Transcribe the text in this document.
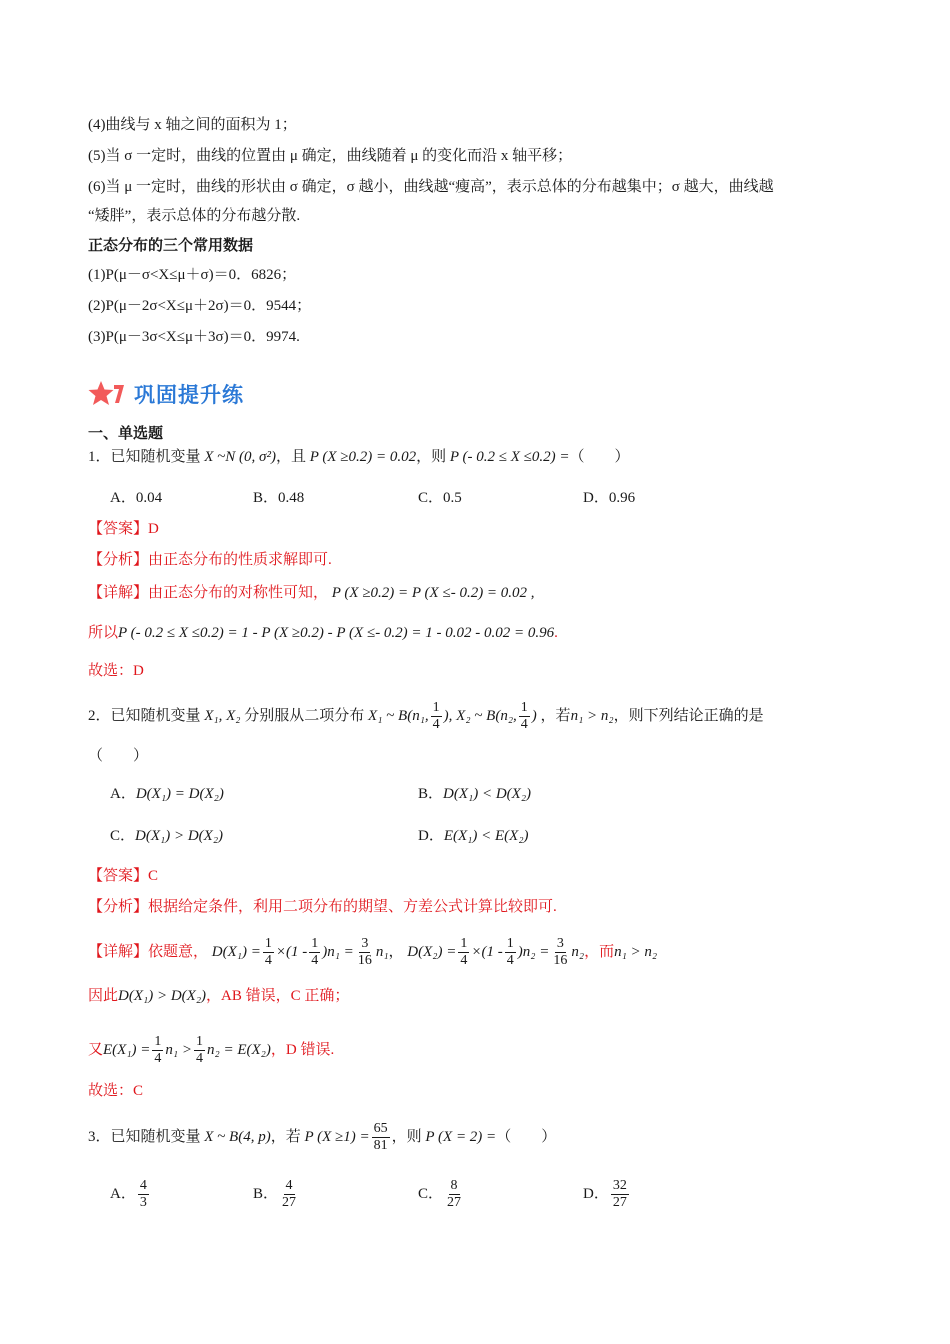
(4)曲线与 x 轴之间的面积为 1；
(5)当 σ 一定时，曲线的位置由 μ 确定，曲线随着 μ 的变化而沿 x 轴平移；
(6)当 μ 一定时，曲线的形状由 σ 确定，σ 越小，曲线越“瘦高”，表示总体的分布越集中；σ 越大，曲线越
“矮胖”，表示总体的分布越分散.
正态分布的三个常用数据
(1)P(μ－σ<X≤μ＋σ)＝0．6826；
(2)P(μ－2σ<X≤μ＋2σ)＝0．9544；
(3)P(μ－3σ<X≤μ＋3σ)＝0．9974.
巩固提升练
一、单选题
1．已知随机变量 X ~N (0, σ²)，且 P (X ≥0.2) = 0.02，则 P (- 0.2 ≤ X ≤0.2) =（　　）
A．0.04	B．0.48	C．0.5	D．0.96
【答案】D
【分析】由正态分布的性质求解即可.
【详解】由正态分布的对称性可知， P (X ≥0.2) = P (X ≤- 0.2) = 0.02 ,
所以P (- 0.2 ≤ X ≤0.2) = 1 - P (X ≥0.2) - P (X ≤- 0.2) = 1 - 0.02 - 0.02 = 0.96.
故选：D
2．已知随机变量 X₁, X₂ 分别服从二项分布 X₁ ~ B(n₁, $\frac{1}{4}$ ), X₂ ~ B(n₂, $\frac{1}{4}$ ) ，若n₁ > n₂，则下列结论正确的是
（　　）
A．D(X₁) = D(X₂)	B．D(X₁) < D(X₂)
C．D(X₁) > D(X₂)	D．E(X₁) < E(X₂)
【答案】C
【分析】根据给定条件，利用二项分布的期望、方差公式计算比较即可.
【详解】依题意， $D(X_1) = \frac{1}{4} \times(1 - \frac{1}{4} )n_1 = \frac{3}{16} n_1$， $D(X_2) = \frac{1}{4} \times(1 - \frac{1}{4} )n_2 = \frac{3}{16} n_2$，而n₁ > n₂
因此D(X₁) > D(X₂)，AB 错误，C 正确；
又$E(X_1) = \frac{1}{4} n_1 > \frac{1}{4} n_2 = E(X_2)$，D 错误.
故选：C
3．已知随机变量 X ~ B(4, p)，若 P $(X \ge 1) = \frac{65}{81}$ ，则 P (X = 2) =（　　）
A． $\frac{4}{3}$	B． $\frac{4}{27}$	C． $\frac{8}{27}$	D． $\frac{32}{27}$
